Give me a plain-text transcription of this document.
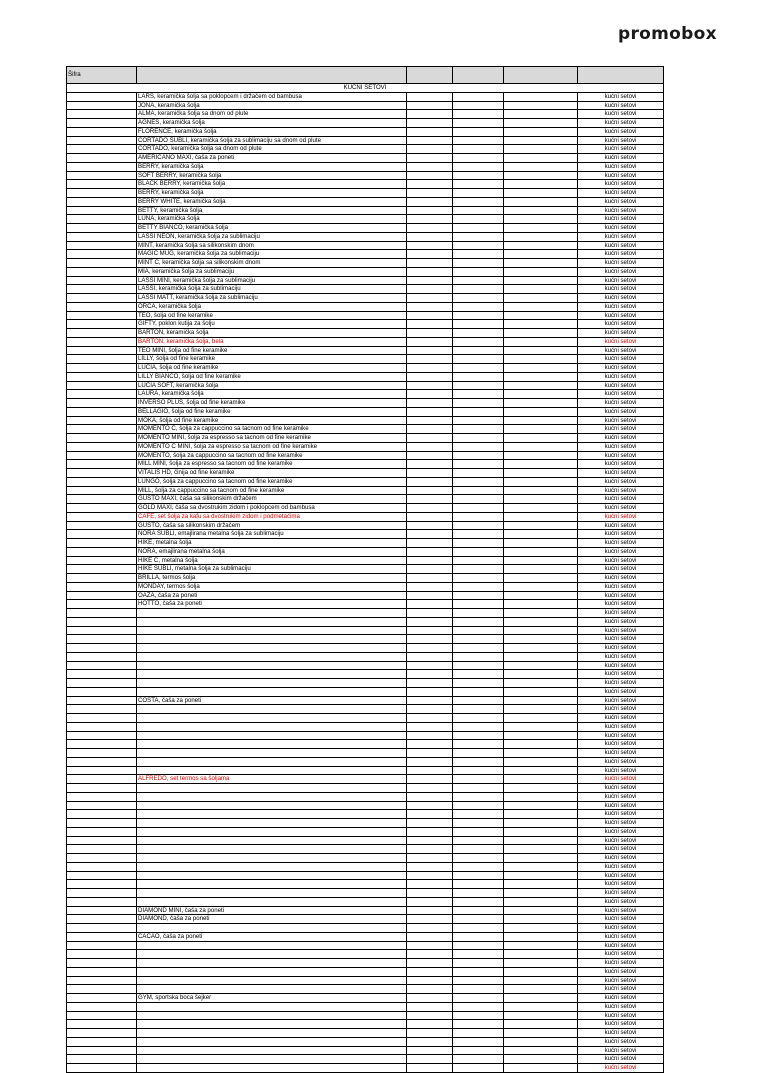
promobox
Šifra					
KUĆNI SETOVI					
	LARS, keramička šolja sa poklopcem i držačem od bambusa				kućni setovi
	JONA, keramička šolja				kućni setovi
	ALMA, keramička šolja sa dnom od plute				kućni setovi
	AGNES, keramička šolja				kućni setovi
	FLORENCE, keramička šolja				kućni setovi
	CORTADO SUBLI, keramička šolja za sublimaciju sa dnom od plute				kućni setovi
	CORTADO, keramička šolja sa dnom od plute				kućni setovi
	AMERICANO MAXI, čaša za poneti				kućni setovi
	BERRY, keramička šolja				kućni setovi
	SOFT BERRY, keramička šolja				kućni setovi
	BLACK BERRY, keramička šolja				kućni setovi
	BERRY, keramička šolja				kućni setovi
	BERRY WHITE, keramička šolja				kućni setovi
	BETTY, keramička šolja				kućni setovi
	LUNA, keramička šolja				kućni setovi
	BETTY BIANCO, keramička šolja				kućni setovi
	LASSI NEON, keramička šolja za sublimaciju				kućni setovi
	MINT, keramička šolja sa silikonskim dnom				kućni setovi
	MAGIC MUG, keramička šolja za sublimaciju				kućni setovi
	MINT C, keramička šolja sa silikonskim dnom				kućni setovi
	MIA, keramička šolja za sublimaciju				kućni setovi
	LASSI MINI, keramička šolja za sublimaciju				kućni setovi
	LASSI, keramička šolja za sublimaciju				kućni setovi
	LASSI MATT, keramička šolja za sublimaciju				kućni setovi
	ORCA, keramička šolja				kućni setovi
	TEO, šolja od fine keramike				kućni setovi
	GIFTY, poklon kutija za šolju				kućni setovi
	BARTON, keramička šolja				kućni setovi
	BARTON, keramička šolja, bela				kućni setovi
	TEO MINI, šolja od fine keramike				kućni setovi
	LILLY, šolja od fine keramike				kućni setovi
	LUCIA, šolja od fine keramike				kućni setovi
	LILLY BIANCO, šolja od fine keramike				kućni setovi
	LUCIA SOFT, keramička šolja				kućni setovi
	LAURA, keramička šolja				kućni setovi
	INVERSO PLUS, šolja od fine keramike				kućni setovi
	BELLAGIO, šolja od fine keramike				kućni setovi
	MOKA, šolja od fine keramike				kućni setovi
	MOMENTO C, šolja za cappuccino sa tacnom od fine keramike				kućni setovi
	MOMENTO MINI, šolja za espresso sa tacnom od fine keramike				kućni setovi
	MOMENTO C MINI, šolja za espresso sa tacnom od fine keramike				kućni setovi
	MOMENTO, šolja za cappuccino sa tacnom od fine keramike				kućni setovi
	MILL MINI, šolja za espresso sa tacnom od fine keramike				kućni setovi
	VITALIS HD, činija od fine keramike				kućni setovi
	LUNGO, šolja za cappuccino sa tacnom od fine keramike				kućni setovi
	MILL, šolja za cappuccino sa tacnom od fine keramike				kućni setovi
	GUSTO MAXI, čaša sa silikonskim držačem				kućni setovi
	GOLD MAXI, čaša sa dvostrukim zidom i poklopcem od bambusa				kućni setovi
	CAFE, set šolja za kafu sa dvostrukim zidom i podmetačima				kućni setovi
	GUSTO, čaša sa silikonskim držačem				kućni setovi
	NORA SUBLI, emajlirana metalna šolja za sublimaciju				kućni setovi
	HIKE, metalna šolja				kućni setovi
	NORA, emajlirana metalna šolja				kućni setovi
	HIKE C, metalna šolja				kućni setovi
	HIKE SUBLI, metalna šolja za sublimaciju				kućni setovi
	BRILLA, termos šolja				kućni setovi
	MONDAY, termos šolja				kućni setovi
	OAZA, čaša za poneti				kućni setovi
	HOTTO, čaša za poneti				kućni setovi
					kućni setovi
					kućni setovi
					kućni setovi
					kućni setovi
					kućni setovi
					kućni setovi
					kućni setovi
					kućni setovi
					kućni setovi
					kućni setovi
	COSTA, čaša za poneti				kućni setovi
					kućni setovi
					kućni setovi
					kućni setovi
					kućni setovi
					kućni setovi
					kućni setovi
					kućni setovi
					kućni setovi
	ALFREDO, set termos sa šoljama				kućni setovi
					kućni setovi
					kućni setovi
					kućni setovi
					kućni setovi
					kućni setovi
					kućni setovi
					kućni setovi
					kućni setovi
					kućni setovi
					kućni setovi
					kućni setovi
					kućni setovi
					kućni setovi
					kućni setovi
	DIAMOND MINI, čaša za poneti				kućni setovi
	DIAMOND, čaša za poneti				kućni setovi
					kućni setovi
	CACAO, čaša za poneti				kućni setovi
					kućni setovi
					kućni setovi
					kućni setovi
					kućni setovi
					kućni setovi
					kućni setovi
	GYM, sportska boca šejker				kućni setovi
					kućni setovi
					kućni setovi
					kućni setovi
					kućni setovi
					kućni setovi
					kućni setovi
					kućni setovi
					kućni setovi
